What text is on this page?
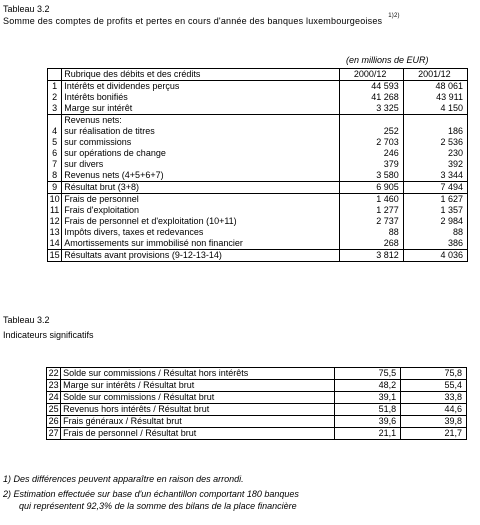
Tableau 3.2
Somme des comptes de profits et pertes en cours d'année des banques luxembourgeoises $^{1)2)}$
(en millions de EUR)
	Rubrique des débits et des crédits	2000/12	2001/12
1	Intérêts et dividendes perçus	44 593	48 061
2	Intérêts bonifiés	41 268	43 911
3	Marge sur intérêt	3 325	4 150
	Revenus nets:		
4	sur réalisation de titres	252	186
5	sur commissions	2 703	2 536
6	sur opérations de change	246	230
7	sur divers	379	392
8	Revenus nets (4+5+6+7)	3 580	3 344
9	Résultat brut (3+8)	6 905	7 494
10	Frais de personnel	1 460	1 627
11	Frais d'exploitation	1 277	1 357
12	Frais de personnel et d'exploitation (10+11)	2 737	2 984
13	Impôts divers, taxes et redevances	88	88
14	Amortissements sur immobilisé non financier	268	386
15	Résultats avant provisions (9-12-13-14)	3 812	4 036
Tableau 3.2
Indicateurs significatifs
22	Solde sur commissions / Résultat hors intérêts	75,5	75,8
23	Marge sur intérêts / Résultat brut	48,2	55,4
24	Solde sur commissions / Résultat brut	39,1	33,8
25	Revenus hors intérêts / Résultat brut	51,8	44,6
26	Frais généraux / Résultat brut	39,6	39,8
27	Frais de personnel / Résultat brut	21,1	21,7
1) Des différences peuvent apparaître en raison des arrondi.
2) Estimation effectuée sur base d'un échantillon comportant 180 banques
qui représentent 92,3% de la somme des bilans de la place financière
